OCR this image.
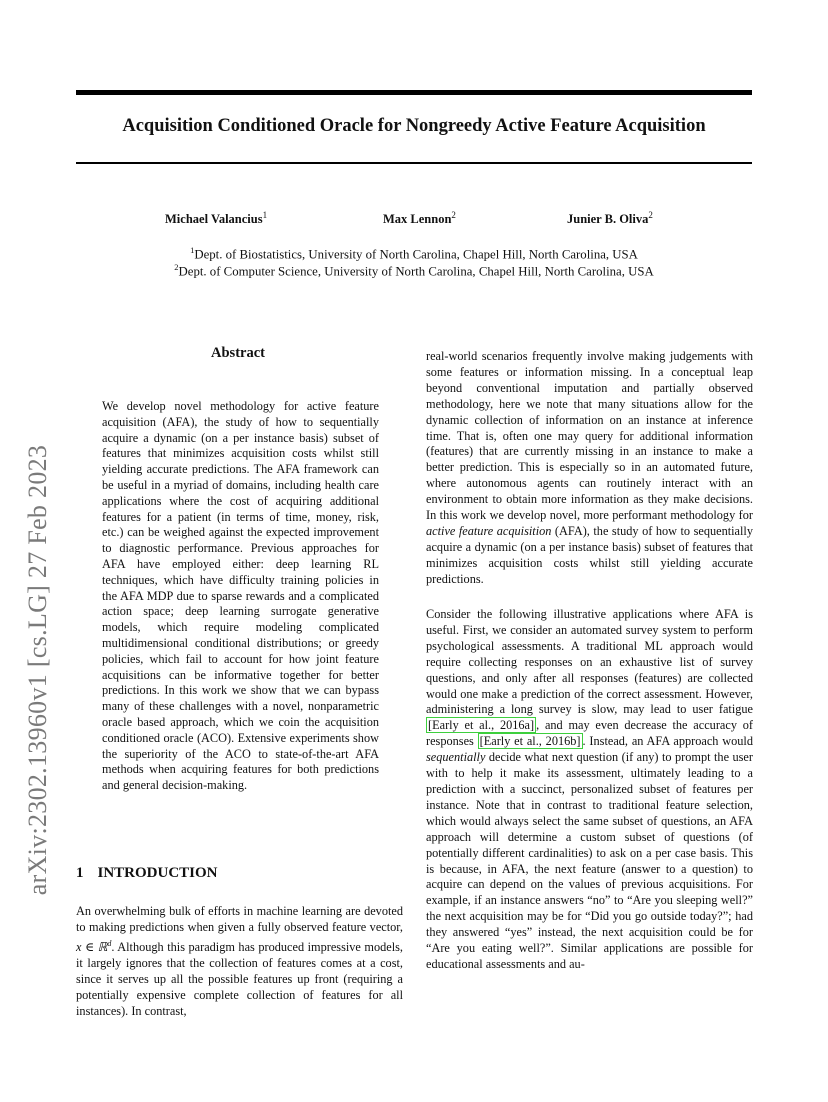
Acquisition Conditioned Oracle for Nongreedy Active Feature Acquisition
Michael Valancius$^1$	Max Lennon$^2$	Junier B. Oliva$^2$
$^1$Dept. of Biostatistics, University of North Carolina, Chapel Hill, North Carolina, USA
$^2$Dept. of Computer Science, University of North Carolina, Chapel Hill, North Carolina, USA
arXiv:2302.13960v1 [cs.LG] 27 Feb 2023
Abstract

We develop novel methodology for active feature acquisition (AFA), the study of how to sequentially acquire a dynamic (on a per instance basis) subset of features that minimizes acquisition costs whilst still yielding accurate predictions. The AFA framework can be useful in a myriad of domains, including health care applications where the cost of acquiring additional features for a patient (in terms of time, money, risk, etc.) can be weighed against the expected improvement to diagnostic performance. Previous approaches for AFA have employed either: deep learning RL techniques, which have difficulty training policies in the AFA MDP due to sparse rewards and a complicated action space; deep learning surrogate generative models, which require modeling complicated multidimensional conditional distributions; or greedy policies, which fail to account for how joint feature acquisitions can be informative together for better predictions. In this work we show that we can bypass many of these challenges with a novel, nonparametric oracle based approach, which we coin the acquisition conditioned oracle (ACO). Extensive experiments show the superiority of the ACO to state-of-the-art AFA methods when acquiring features for both predictions and general decision-making.

1 INTRODUCTION

An overwhelming bulk of efforts in machine learning are devoted to making predictions when given a fully observed feature vector, x ∈ ℝ$^d$. Although this paradigm has produced impressive models, it largely ignores that the collection of features comes at a cost, since it serves up all the possible features up front (requiring a potentially expensive complete collection of features for all instances). In contrast,

real-world scenarios frequently involve making judgements with some features or information missing. In a conceptual leap beyond conventional imputation and partially observed methodology, here we note that many situations allow for the dynamic collection of information on an instance at inference time. That is, often one may query for additional information (features) that are currently missing in an instance to make a better prediction. This is especially so in an automated future, where autonomous agents can routinely interact with an environment to obtain more information as they make decisions. In this work we develop novel, more performant methodology for active feature acquisition (AFA), the study of how to sequentially acquire a dynamic (on a per instance basis) subset of features that minimizes acquisition costs whilst still yielding accurate predictions.

Consider the following illustrative applications where AFA is useful. First, we consider an automated survey system to perform psychological assessments. A traditional ML approach would require collecting responses on an exhaustive list of survey questions, and only after all responses (features) are collected would one make a prediction of the correct assessment. However, administering a long survey is slow, may lead to user fatigue [Early et al., 2016a] , and may even decrease the accuracy of responses [Early et al., 2016b] . Instead, an AFA approach would sequentially decide what next question (if any) to prompt the user with to help it make its assessment, ultimately leading to a prediction with a succinct, personalized subset of features per instance. Note that in contrast to traditional feature selection, which would always select the same subset of questions, an AFA approach will determine a custom subset of questions (of potentially different cardinalities) to ask on a per case basis. This is because, in AFA, the next feature (answer to a question) to acquire can depend on the values of previous acquisitions. For example, if an instance answers “no” to “Are you sleeping well?” the next acquisition may be for “Did you go outside today?”; had they answered “yes” instead, the next acquisition could be for “Are you eating well?”. Similar applications are possible for educational assessments and au-
